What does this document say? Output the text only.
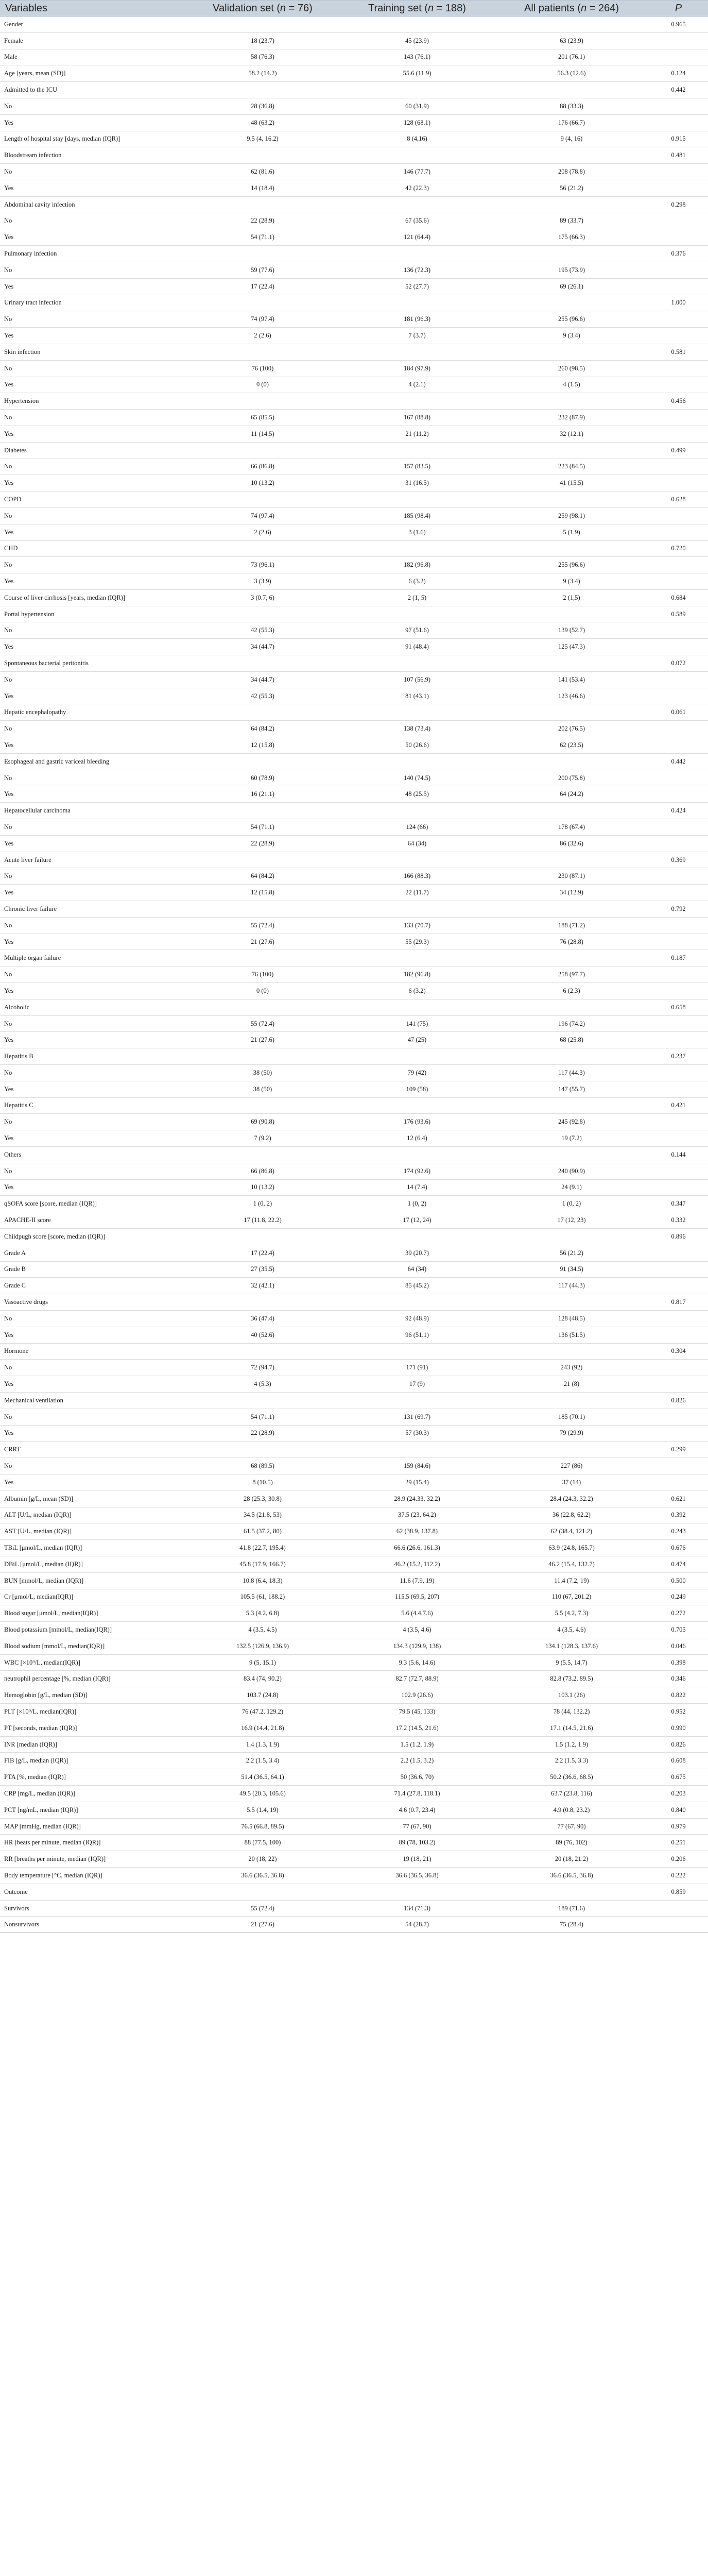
Variables	Validation set (n = 76)	Training set (n = 188)	All patients (n = 264)	P
Gender				0.965
Female	18 (23.7)	45 (23.9)	63 (23.9)	
Male	58 (76.3)	143 (76.1)	201 (76.1)	
Age [years, mean (SD)]	58.2 (14.2)	55.6 (11.9)	56.3 (12.6)	0.124
Admitted to the ICU				0.442
No	28 (36.8)	60 (31.9)	88 (33.3)	
Yes	48 (63.2)	128 (68.1)	176 (66.7)	
Length of hospital stay [days, median (IQR)]	9.5 (4, 16.2)	8 (4,16)	9 (4, 16)	0.915
Bloodstream infection				0.481
No	62 (81.6)	146 (77.7)	208 (78.8)	
Yes	14 (18.4)	42 (22.3)	56 (21.2)	
Abdominal cavity infection				0.298
No	22 (28.9)	67 (35.6)	89 (33.7)	
Yes	54 (71.1)	121 (64.4)	175 (66.3)	
Pulmonary infection				0.376
No	59 (77.6)	136 (72.3)	195 (73.9)	
Yes	17 (22.4)	52 (27.7)	69 (26.1)	
Urinary tract infection				1.000
No	74 (97.4)	181 (96.3)	255 (96.6)	
Yes	2 (2.6)	7 (3.7)	9 (3.4)	
Skin infection				0.581
No	76 (100)	184 (97.9)	260 (98.5)	
Yes	0 (0)	4 (2.1)	4 (1.5)	
Hypertension				0.456
No	65 (85.5)	167 (88.8)	232 (87.9)	
Yes	11 (14.5)	21 (11.2)	32 (12.1)	
Diabetes				0.499
No	66 (86.8)	157 (83.5)	223 (84.5)	
Yes	10 (13.2)	31 (16.5)	41 (15.5)	
COPD				0.628
No	74 (97.4)	185 (98.4)	259 (98.1)	
Yes	2 (2.6)	3 (1.6)	5 (1.9)	
CHD				0.720
No	73 (96.1)	182 (96.8)	255 (96.6)	
Yes	3 (3.9)	6 (3.2)	9 (3.4)	
Course of liver cirrhosis [years, median (IQR)]	3 (0.7, 6)	2 (1, 5)	2 (1,5)	0.684
Portal hypertension				0.589
No	42 (55.3)	97 (51.6)	139 (52.7)	
Yes	34 (44.7)	91 (48.4)	125 (47.3)	
Spontaneous bacterial peritonitis				0.072
No	34 (44.7)	107 (56.9)	141 (53.4)	
Yes	42 (55.3)	81 (43.1)	123 (46.6)	
Hepatic encephalopathy				0.061
No	64 (84.2)	138 (73.4)	202 (76.5)	
Yes	12 (15.8)	50 (26.6)	62 (23.5)	
Esophageal and gastric variceal bleeding				0.442
No	60 (78.9)	140 (74.5)	200 (75.8)	
Yes	16 (21.1)	48 (25.5)	64 (24.2)	
Hepatocellular carcinoma				0.424
No	54 (71.1)	124 (66)	178 (67.4)	
Yes	22 (28.9)	64 (34)	86 (32.6)	
Acute liver failure				0.369
No	64 (84.2)	166 (88.3)	230 (87.1)	
Yes	12 (15.8)	22 (11.7)	34 (12.9)	
Chronic liver failure				0.792
No	55 (72.4)	133 (70.7)	188 (71.2)	
Yes	21 (27.6)	55 (29.3)	76 (28.8)	
Multiple organ failure				0.187
No	76 (100)	182 (96.8)	258 (97.7)	
Yes	0 (0)	6 (3.2)	6 (2.3)	
Alcoholic				0.658
No	55 (72.4)	141 (75)	196 (74.2)	
Yes	21 (27.6)	47 (25)	68 (25.8)	
Hepatitis B				0.237
No	38 (50)	79 (42)	117 (44.3)	
Yes	38 (50)	109 (58)	147 (55.7)	
Hepatitis C				0.421
No	69 (90.8)	176 (93.6)	245 (92.8)	
Yes	7 (9.2)	12 (6.4)	19 (7.2)	
Others				0.144
No	66 (86.8)	174 (92.6)	240 (90.9)	
Yes	10 (13.2)	14 (7.4)	24 (9.1)	
qSOFA score [score, median (IQR)]	1 (0, 2)	1 (0, 2)	1 (0, 2)	0.347
APACHE-II score	17 (11.8, 22.2)	17 (12, 24)	17 (12, 23)	0.332
Childpugh score [score, median (IQR)]				0.896
Grade A	17 (22.4)	39 (20.7)	56 (21.2)	
Grade B	27 (35.5)	64 (34)	91 (34.5)	
Grade C	32 (42.1)	85 (45.2)	117 (44.3)	
Vasoactive drugs				0.817
No	36 (47.4)	92 (48.9)	128 (48.5)	
Yes	40 (52.6)	96 (51.1)	136 (51.5)	
Hormone				0.304
No	72 (94.7)	171 (91)	243 (92)	
Yes	4 (5.3)	17 (9)	21 (8)	
Mechanical ventilation				0.826
No	54 (71.1)	131 (69.7)	185 (70.1)	
Yes	22 (28.9)	57 (30.3)	79 (29.9)	
CRRT				0.299
No	68 (89.5)	159 (84.6)	227 (86)	
Yes	8 (10.5)	29 (15.4)	37 (14)	
Albumin [g/L, mean (SD)]	28 (25.3, 30.8)	28.9 (24.33, 32.2)	28.4 (24.3, 32.2)	0.621
ALT [U/L, median (IQR)]	34.5 (21.8, 53)	37.5 (23, 64.2)	36 (22.8, 62.2)	0.392
AST [U/L, median (IQR)]	61.5 (37.2, 80)	62 (38.9, 137.8)	62 (38.4, 121.2)	0.243
TBiL [μmol/L, median (IQR)]	41.8 (22.7, 195.4)	66.6 (26.6, 161.3)	63.9 (24.8, 165.7)	0.676
DBiL [μmol/L, median (IQR)]	45.8 (17.9, 166.7)	46.2 (15.2, 112.2)	46.2 (15.4, 132.7)	0.474
BUN [mmol/L, median (IQR)]	10.8 (6.4, 18.3)	11.6 (7.9, 19)	11.4 (7.2, 19)	0.500
Cr [μmol/L, median(IQR)]	105.5 (61, 188.2)	115.5 (69.5, 207)	110 (67, 201.2)	0.249
Blood sugar [μmol/L, median(IQR)]	5.3 (4.2, 6.8)	5.6 (4.4,7.6)	5.5 (4.2, 7.3)	0.272
Blood potassium [mmol/L, median(IQR)]	4 (3.5, 4.5)	4 (3.5, 4.6)	4 (3.5, 4.6)	0.705
Blood sodium [mmol/L, median(IQR)]	132.5 (126.9, 136.9)	134.3 (129.9, 138)	134.1 (128.3, 137.6)	0.046
WBC [×10⁹/L, median(IQR)]	9 (5, 15.1)	9.3 (5.6, 14.6)	9 (5.5, 14.7)	0.398
neutrophil percentage [%, median (IQR)]	83.4 (74, 90.2)	82.7 (72.7, 88.9)	82.8 (73.2, 89.5)	0.346
Hemoglobin [g/L, median (SD)]	103.7 (24.8)	102.9 (26.6)	103.1 (26)	0.822
PLT [×10⁹/L, median(IQR)]	76 (47.2, 129.2)	79.5 (45, 133)	78 (44, 132.2)	0.952
PT [seconds, median (IQR)]	16.9 (14.4, 21.8)	17.2 (14.5, 21.6)	17.1 (14.5, 21.6)	0.990
INR [median (IQR)]	1.4 (1.3, 1.9)	1.5 (1.2, 1.9)	1.5 (1.2, 1.9)	0.826
FIB [g/L, median (IQR)]	2.2 (1.5, 3.4)	2.2 (1.5, 3.2)	2.2 (1.5, 3.3)	0.608
PTA [%, median (IQR)]	51.4 (36.5, 64.1)	50 (36.6, 70)	50.2 (36.6, 68.5)	0.675
CRP [mg/L, median (IQR)]	49.5 (20.3, 105.6)	71.4 (27.8, 118.1)	63.7 (23.8, 116)	0.203
PCT [ng/mL, median (IQR)]	5.5 (1.4, 19)	4.6 (0.7, 23.4)	4.9 (0.8, 23.2)	0.840
MAP [mmHg, median (IQR)]	76.5 (66.8, 89.5)	77 (67, 90)	77 (67, 90)	0.979
HR [beats per minute, median (IQR)]	88 (77.5, 100)	89 (78, 103.2)	89 (76, 102)	0.251
RR [breaths per minute, median (IQR)]	20 (18, 22)	19 (18, 21)	20 (18, 21.2)	0.206
Body temperature [°C, median (IQR)]	36.6 (36.5, 36.8)	36.6 (36.5, 36.8)	36.6 (36.5, 36.8)	0.222
Outcome				0.859
Survivors	55 (72.4)	134 (71.3)	189 (71.6)	
Nonsurvivors	21 (27.6)	54 (28.7)	75 (28.4)	
